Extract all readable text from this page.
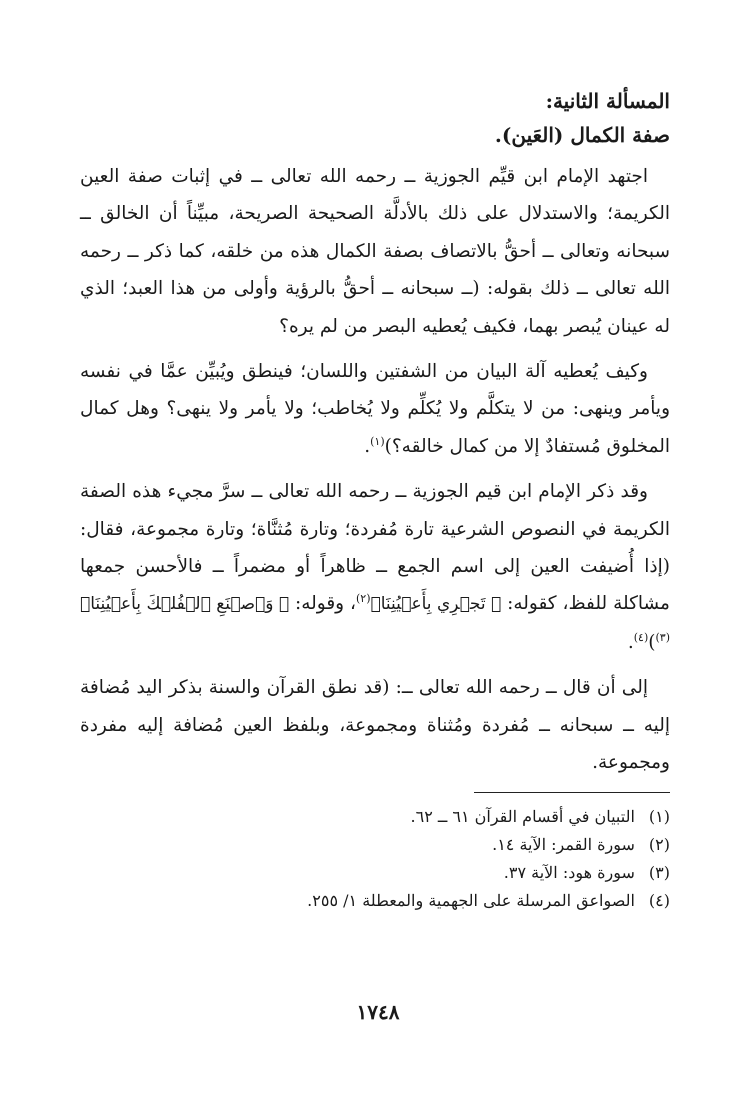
المسألة الثانية:

صفة الكمال (العَين).

اجتهد الإمام ابن قيِّم الجوزية ــ رحمه الله تعالى ــ في إثبات صفة العين الكريمة؛ والاستدلال على ذلك بالأدلَّة الصحيحة الصريحة، مبيِّناً أن الخالق ــ سبحانه وتعالى ــ أحقُّ بالاتصاف بصفة الكمال هذه من خلقه، كما ذكر ــ رحمه الله تعالى ــ ذلك بقوله: (ــ سبحانه ــ أحقُّ بالرؤية وأولى من هذا العبد؛ الذي له عينان يُبصر بهما، فكيف يُعطيه البصر من لم يره؟

وكيف يُعطيه آلة البيان من الشفتين واللسان؛ فينطق ويُبيِّن عمَّا في نفسه ويأمر وينهى: من لا يتكلَّم ولا يُكلِّم ولا يُخاطب؛ ولا يأمر ولا ينهى؟ وهل كمال المخلوق مُستفادٌ إلا من كمال خالقه؟)$^{(١)}$.

وقد ذكر الإمام ابن قيم الجوزية ــ رحمه الله تعالى ــ سرَّ مجيء هذه الصفة الكريمة في النصوص الشرعية تارة مُفردة؛ وتارة مُثنَّاة؛ وتارة مجموعة، فقال: (إذا أُضيفت العين إلى اسم الجمع ــ ظاهراً أو مضمراً ــ فالأحسن جمعها مشاكلة للفظ، كقوله: ﴿ تَجۡرِي بِأَعۡيُنِنَا﴾$^{(٢)}$، وقوله: ﴿ وَٱصۡنَعِ ٱلۡفُلۡكَ بِأَعۡيُنِنَا﴾$^{(٣)}$)$^{(٤)}$.

إلى أن قال ــ رحمه الله تعالى ــ: (قد نطق القرآن والسنة بذكر اليد مُضافة إليه ــ سبحانه ــ مُفردة ومُثناة ومجموعة، وبلفظ العين مُضافة إليه مفردة ومجموعة.

(١) التبيان في أقسام القرآن ٦١ ــ ٦٢.
(٢) سورة القمر: الآية ١٤.
(٣) سورة هود: الآية ٣٧.
(٤) الصواعق المرسلة على الجهمية والمعطلة ١/ ٢٥٥.
١٧٤٨
